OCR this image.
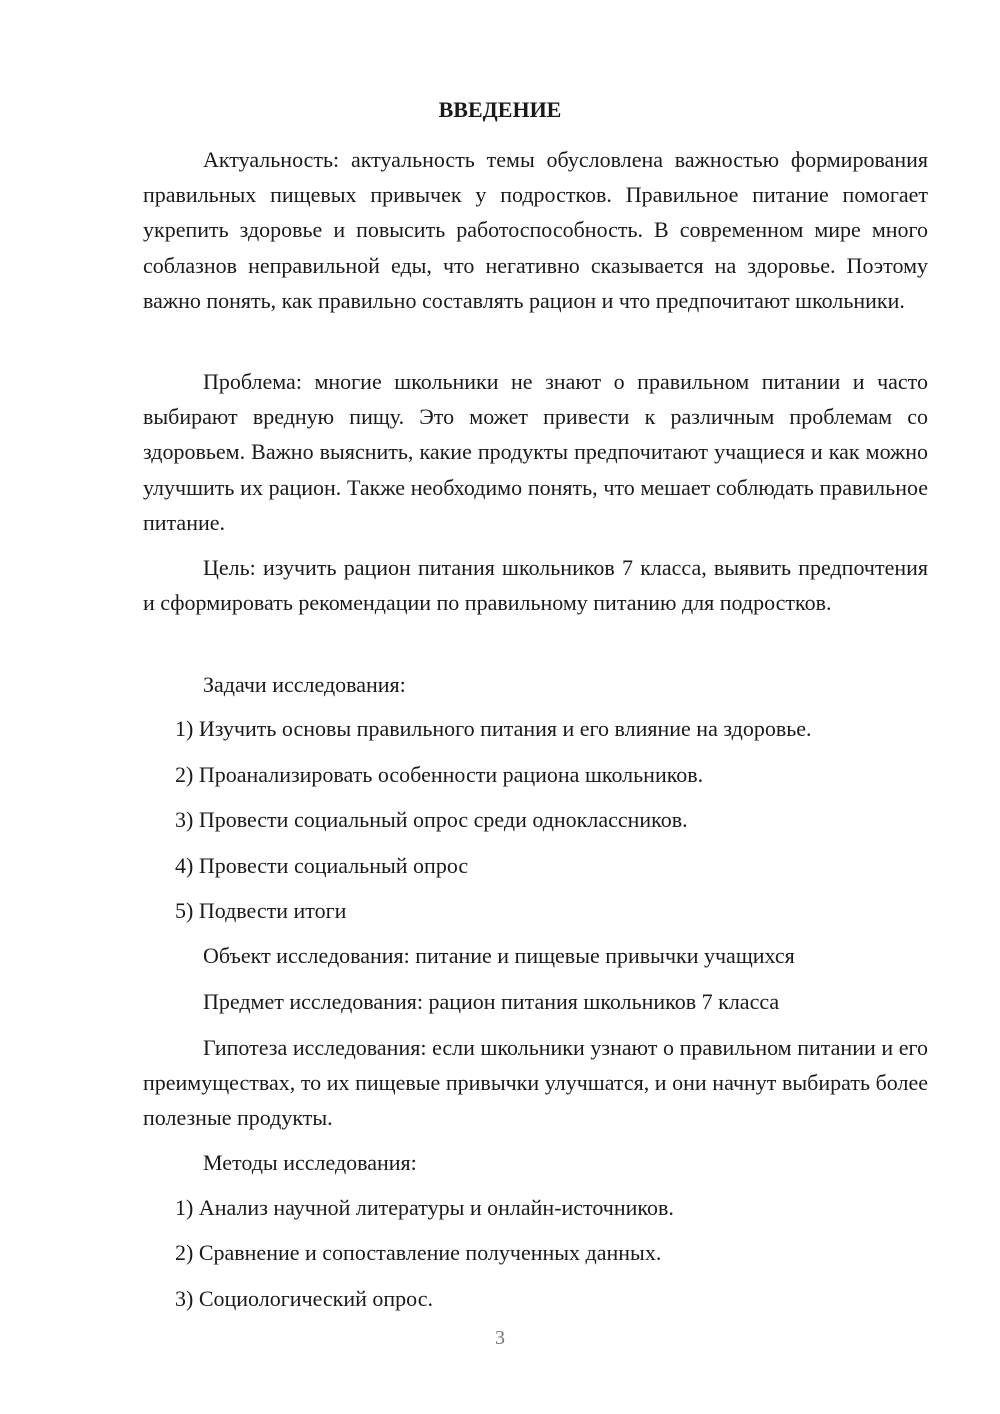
ВВЕДЕНИЕ

Актуальность: актуальность темы обусловлена важностью формирования правильных пищевых привычек у подростков. Правильное питание помогает укрепить здоровье и повысить работоспособность. В современном мире много соблазнов неправильной еды, что негативно сказывается на здоровье. Поэтому важно понять, как правильно составлять рацион и что предпочитают школьники.

Проблема: многие школьники не знают о правильном питании и часто выбирают вредную пищу. Это может привести к различным проблемам со здоровьем. Важно выяснить, какие продукты предпочитают учащиеся и как можно улучшить их рацион. Также необходимо понять, что мешает соблюдать правильное питание.

Цель: изучить рацион питания школьников 7 класса, выявить предпочтения и сформировать рекомендации по правильному питанию для подростков.

Задачи исследования:

1) Изучить основы правильного питания и его влияние на здоровье.

2) Проанализировать особенности рациона школьников.

3) Провести социальный опрос среди одноклассников.

4) Провести социальный опрос

5) Подвести итоги

Объект исследования: питание и пищевые привычки учащихся

Предмет исследования: рацион питания школьников 7 класса

Гипотеза исследования: если школьники узнают о правильном питании и его преимуществах, то их пищевые привычки улучшатся, и они начнут выбирать более полезные продукты.

Методы исследования:

1) Анализ научной литературы и онлайн-источников.

2) Сравнение и сопоставление полученных данных.

3) Социологический опрос.

3
